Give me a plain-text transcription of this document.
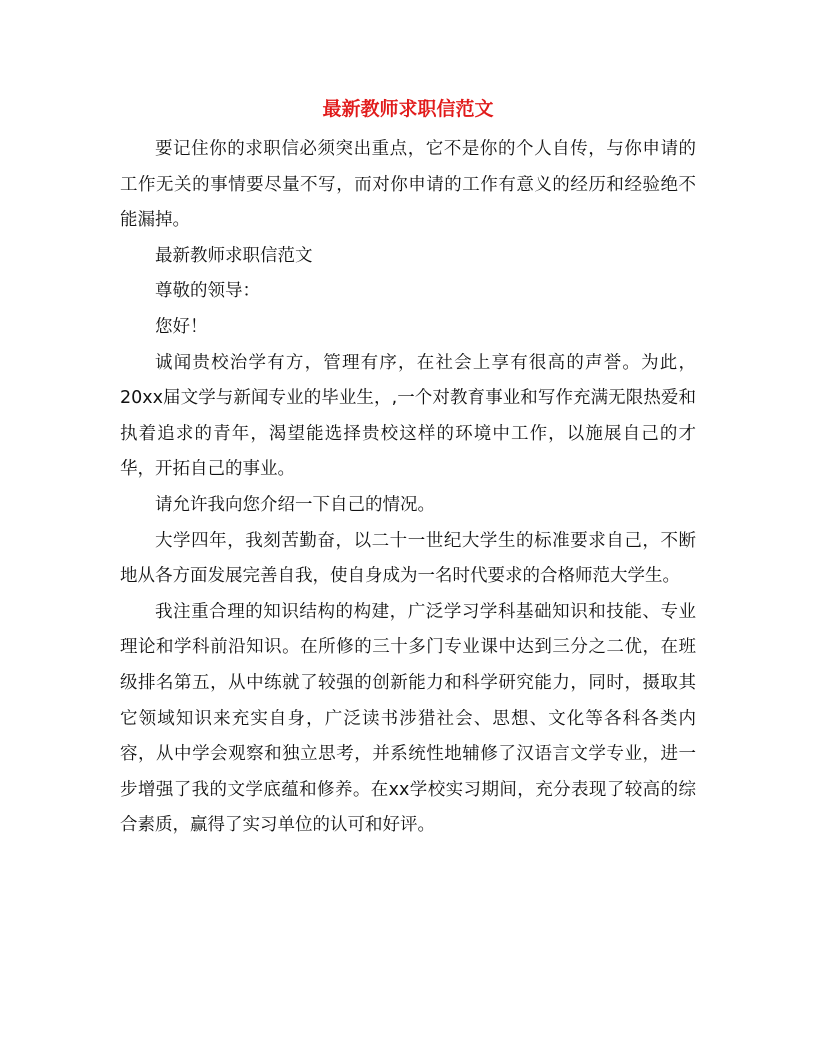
最新教师求职信范文

要记住你的求职信必须突出重点，它不是你的个人自传，与你申请的工作无关的事情要尽量不写，而对你申请的工作有意义的经历和经验绝不能漏掉。

最新教师求职信范文

尊敬的领导：

您好！

诚闻贵校治学有方，管理有序，在社会上享有很高的声誉。为此，20xx届文学与新闻专业的毕业生，,一个对教育事业和写作充满无限热爱和执着追求的青年，渴望能选择贵校这样的环境中工作，以施展自己的才华，开拓自己的事业。

请允许我向您介绍一下自己的情况。

大学四年，我刻苦勤奋，以二十一世纪大学生的标准要求自己，不断地从各方面发展完善自我，使自身成为一名时代要求的合格师范大学生。

我注重合理的知识结构的构建，广泛学习学科基础知识和技能、专业理论和学科前沿知识。在所修的三十多门专业课中达到三分之二优，在班级排名第五，从中练就了较强的创新能力和科学研究能力，同时，摄取其它领域知识来充实自身，广泛读书涉猎社会、思想、文化等各科各类内容，从中学会观察和独立思考，并系统性地辅修了汉语言文学专业，进一步增强了我的文学底蕴和修养。在xx学校实习期间，充分表现了较高的综合素质，赢得了实习单位的认可和好评。
